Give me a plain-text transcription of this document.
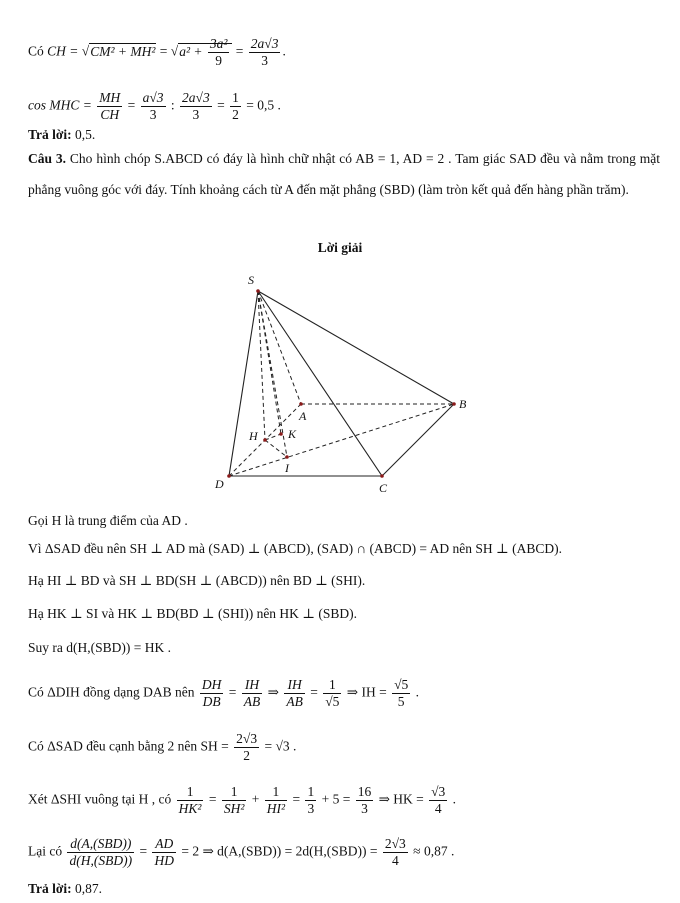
Có CH = $√CM^2 + MH^2 = √a^2 + \frac{\text{3a²}}{9} = \frac{2a√3}{3}$ .
cos MHC = $\frac{MH}{CH} = \frac{a√3}{3}$ : $\frac{2a√3}{3} = \frac{1}{2} = 0,5$ .
Trả lời: 0,5.
Câu 3. Cho hình chóp S.ABCD có đáy là hình chữ nhật có AB = 1, AD = 2 . Tam giác SAD đều và nằm trong mặt phẳng vuông góc với đáy. Tính khoảng cách từ A đến mặt phẳng (SBD) (làm tròn kết quả đến hàng phần trăm).
Lời giải
S
A
B
C
D
H	K
I
Gọi H là trung điểm của AD .
Vì ΔSAD đều nên SH ⊥ AD mà (SAD) ⊥ (ABCD), (SAD) ∩ (ABCD) = AD nên SH ⊥ (ABCD).
Hạ HI ⊥ BD và SH ⊥ BD(SH ⊥ (ABCD)) nên BD ⊥ (SHI).
Hạ HK ⊥ SI và HK ⊥ BD(BD ⊥ (SHI)) nên HK ⊥ (SBD).
Suy ra d(H,(SBD)) = HK .
Có ΔDIH đồng dạng DAB nên $\frac{DH}{DB} = \frac{IH}{AB}$ ⇒ $\frac{IH}{AB} = \frac{1}{√5}$ ⇒ IH = $\frac{√5}{5}$ .
Có ΔSAD đều cạnh bằng 2 nên SH = $\frac{2√3}{2} = √3$ .
Xét ΔSHI vuông tại H , có $\frac{1}{\text{HK²}} = \frac{1}{\text{SH²}} + \frac{1}{\text{HI²}} = \frac{1}{3} + 5 = \frac{16}{3}$ ⇒ HK = $\frac{√3}{4}$ .
Lại có $\frac{\text{d(A,(SBD))}}{\text{d(H,(SBD))}} = \frac{AD}{HD} = 2$ ⇒ $d(A,(SBD)) = 2d(H,(SBD)) = \frac{2√3}{4} \approx 0,87$ .
Trả lời: 0,87.
